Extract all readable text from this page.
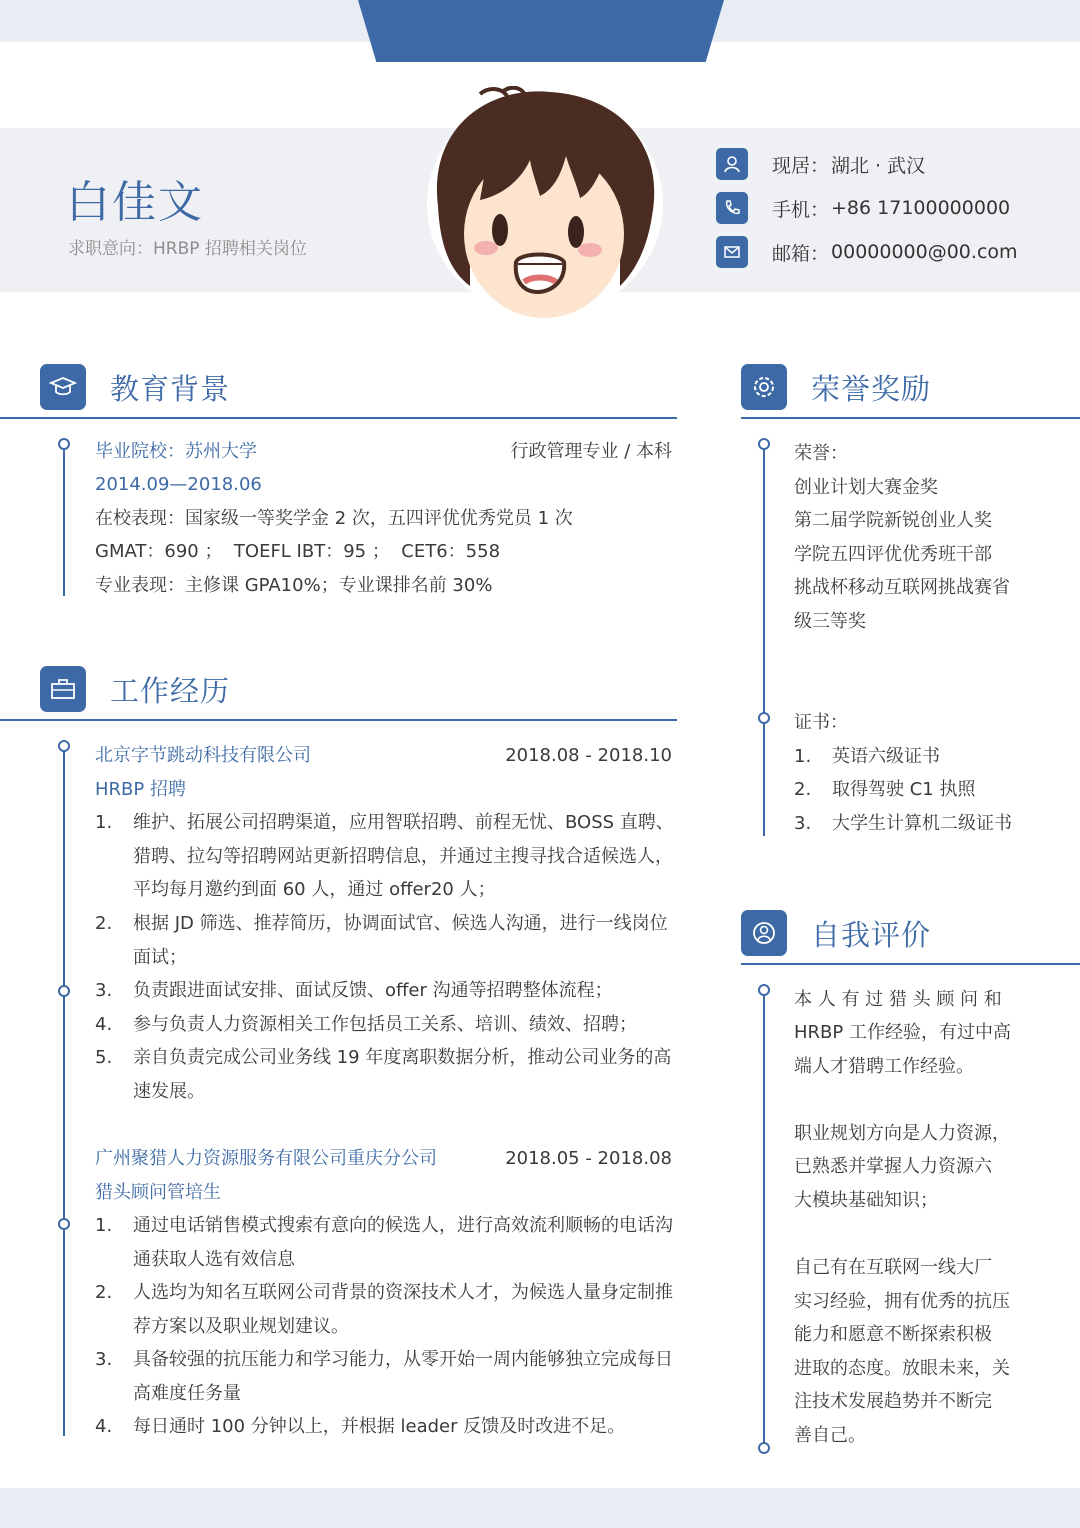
白佳文
求职意向：HRBP 招聘相关岗位
现居： 湖北 · 武汉
手机： +86 17100000000
邮箱： 00000000@00.com
教育背景
毕业院校：苏州大学	行政管理专业 / 本科
2014.09—2018.06
在校表现：国家级一等奖学金 2 次，五四评优优秀党员 1 次
GMAT：690 ；  TOEFL IBT：95 ；  CET6：558
专业表现：主修课 GPA10%；专业课排名前 30%
工作经历
北京字节跳动科技有限公司	2018.08 - 2018.10
HRBP 招聘
1.	维护、拓展公司招聘渠道，应用智联招聘、前程无忧、BOSS 直聘、猎聘、拉勾等招聘网站更新招聘信息，并通过主搜寻找合适候选人，平均每月邀约到面 60 人，通过 offer20 人；
2.	根据 JD 筛选、推荐简历，协调面试官、候选人沟通，进行一线岗位面试；
3.	负责跟进面试安排、面试反馈、offer 沟通等招聘整体流程；
4.	参与负责人力资源相关工作包括员工关系、培训、绩效、招聘；
5.	亲自负责完成公司业务线 19 年度离职数据分析，推动公司业务的高速发展。
广州聚猎人力资源服务有限公司重庆分公司	2018.05 - 2018.08
猎头顾问管培生
1.	通过电话销售模式搜索有意向的候选人，进行高效流利顺畅的电话沟通获取人选有效信息
2.	人选均为知名互联网公司背景的资深技术人才，为候选人量身定制推荐方案以及职业规划建议。
3.	具备较强的抗压能力和学习能力，从零开始一周内能够独立完成每日高难度任务量
4.	每日通时 100 分钟以上，并根据 leader 反馈及时改进不足。
荣誉奖励
荣誉：
创业计划大赛金奖
第二届学院新锐创业人奖
学院五四评优优秀班干部
挑战杯移动互联网挑战赛省
级三等奖
证书：
1.	英语六级证书
2.	取得驾驶 C1 执照
3.	大学生计算机二级证书
自我评价
本 人 有 过 猎 头 顾 问 和
HRBP 工作经验，有过中高
端人才猎聘工作经验。
职业规划方向是人力资源，
已熟悉并掌握人力资源六
大模块基础知识；
自己有在互联网一线大厂
实习经验，拥有优秀的抗压
能力和愿意不断探索积极
进取的态度。放眼未来，关
注技术发展趋势并不断完
善自己。
